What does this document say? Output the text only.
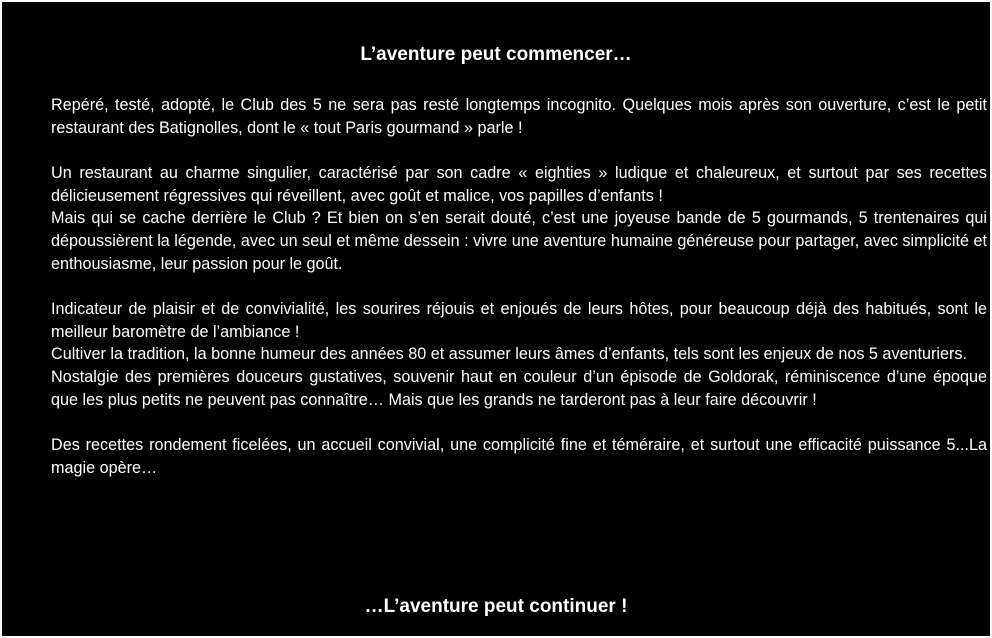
L’aventure peut commencer…

Repéré, testé, adopté, le Club des 5 ne sera pas resté longtemps incognito. Quelques mois après son ouverture, c’est le petit restaurant des Batignolles, dont le « tout Paris gourmand » parle !

Un restaurant au charme singulier, caractérisé par son cadre « eighties » ludique et chaleureux, et surtout par ses recettes délicieusement régressives qui réveillent, avec goût et malice, vos papilles d’enfants !
Mais qui se cache derrière le Club ? Et bien on s’en serait douté, c’est une joyeuse bande de 5 gourmands, 5 trentenaires qui dépoussièrent la légende, avec un seul et même dessein : vivre une aventure humaine généreuse pour partager, avec simplicité et enthousiasme, leur passion pour le goût.

Indicateur de plaisir et de convivialité, les sourires réjouis et enjoués de leurs hôtes, pour beaucoup déjà des habitués, sont le meilleur baromètre de l’ambiance !
Cultiver la tradition, la bonne humeur des années 80 et assumer leurs âmes d’enfants, tels sont les enjeux de nos 5 aventuriers.
Nostalgie des premières douceurs gustatives, souvenir haut en couleur d’un épisode de Goldorak, réminiscence d’une époque que les plus petits ne peuvent pas connaître… Mais que les grands ne tarderont pas à leur faire découvrir !

Des recettes rondement ficelées, un accueil convivial, une complicité fine et téméraire, et surtout une efficacité puissance 5...La magie opère…

…L’aventure peut continuer !
